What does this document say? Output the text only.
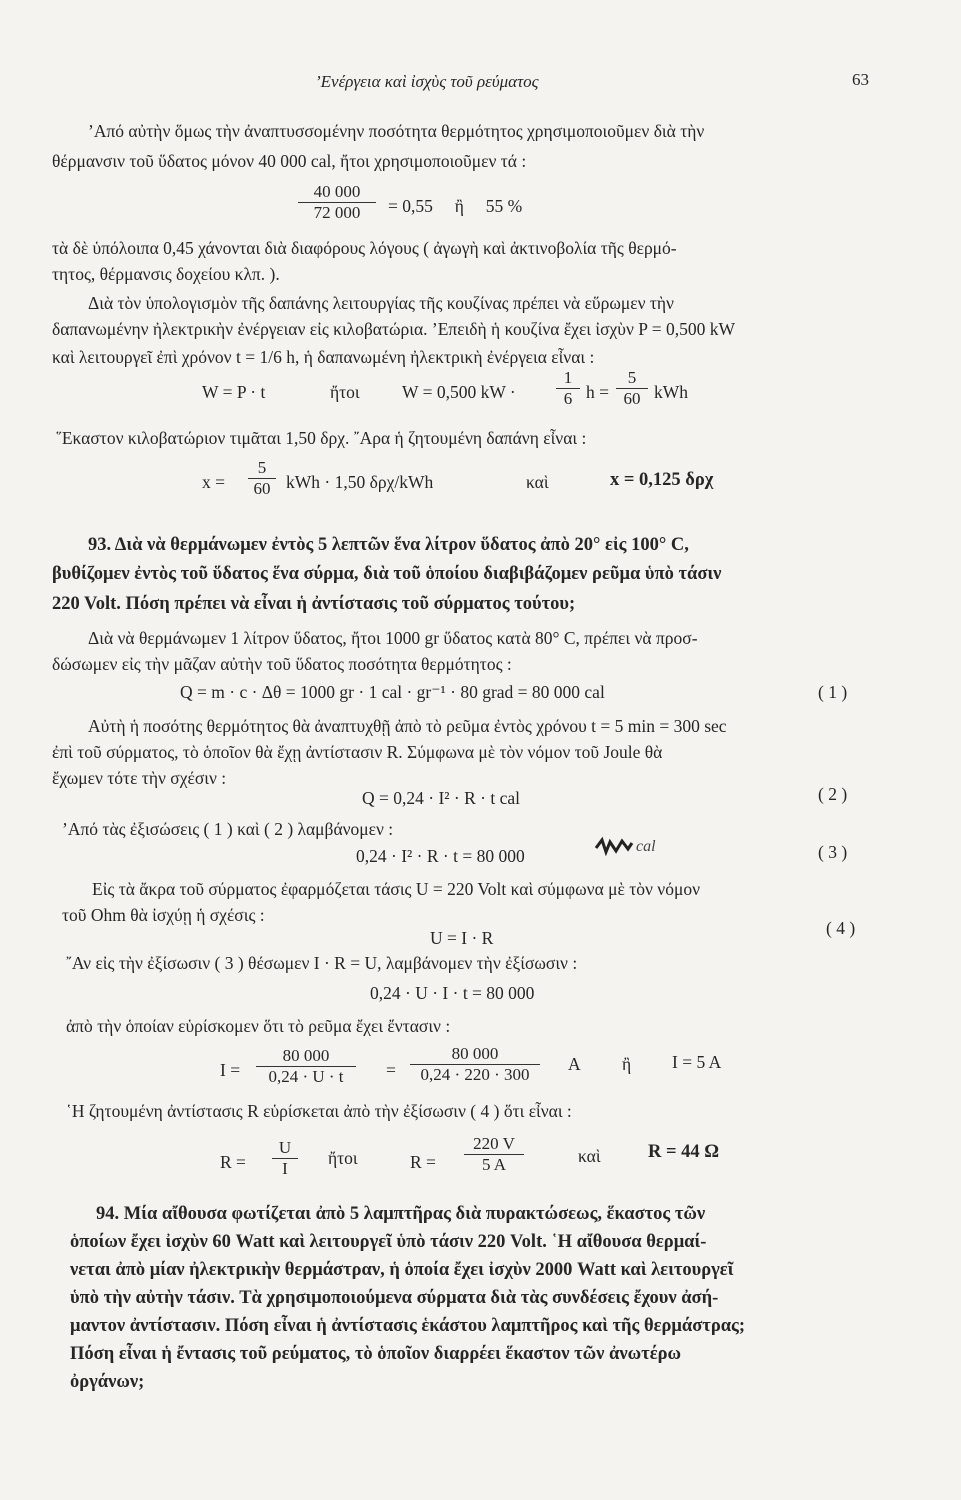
’Ενέργεια καὶ ἰσχὺς τοῦ ρεύματος	63
’Από αὐτὴν ὅμως τὴν ἀναπτυσσομένην ποσότητα θερμότητος χρησιμοποιοῦμεν διὰ τὴν
θέρμανσιν τοῦ ὕδατος μόνον 40 000 cal, ἤτοι χρησιμοποιοῦμεν τά :
$\frac{40 000}{72 000} = 0,55$     ἢ     55 %
τὰ δὲ ὑπόλοιπα 0,45 χάνονται διὰ διαφόρους λόγους ( ἀγωγὴ καὶ ἀκτινοβολία τῆς θερμό-
τητος, θέρμανσις δοχείου κλπ. ).
Διὰ τὸν ὑπολογισμὸν τῆς δαπάνης λειτουργίας τῆς κουζίνας πρέπει νὰ εὕρωμεν τὴν
δαπανωμένην ἠλεκτρικὴν ἐνέργειαν εἰς κιλοβατώρια. ’Επειδὴ ἡ κουζίνα ἔχει ἰσχὺν P = 0,500 kW
καὶ λειτουργεῖ ἐπὶ χρόνον t = 1/6 h, ἡ δαπανωμένη ἠλεκτρικὴ ἐνέργεια εἶναι :
W = P · t	ἤτοι W = 0,500 kW · $\frac{1}{6}$ $h = \frac{5}{60}$ kWh
῞Εκαστον κιλοβατώριον τιμᾶται 1,50 δρχ. ῎Αρα ἡ ζητουμένη δαπάνη εἶναι :
$x = \frac{5}{60}$ kWh · 1,50 δρχ/kWh	καὶ	x = 0,125 δρχ
93. Διὰ νὰ θερμάνωμεν ἐντὸς 5 λεπτῶν ἕνα λίτρον ὕδατος ἀπὸ 20° εἰς 100° C,
βυθίζομεν ἐντὸς τοῦ ὕδατος ἕνα σύρμα, διὰ τοῦ ὁποίου διαβιβάζομεν ρεῦμα ὑπὸ τάσιν
220 Volt. Πόση πρέπει νὰ εἶναι ἡ ἀντίστασις τοῦ σύρματος τούτου;
Διὰ νὰ θερμάνωμεν 1 λίτρον ὕδατος, ἤτοι 1000 gr ὕδατος κατὰ 80° C, πρέπει νὰ προσ-
δώσωμεν εἰς τὴν μᾶζαν αὐτὴν τοῦ ὕδατος ποσότητα θερμότητος :
Q = m · c · Δθ = 1000 gr · 1 cal · gr⁻¹ · 80 grad = 80 000 cal	( 1 )
Αὐτὴ ἡ ποσότης θερμότητος θὰ ἀναπτυχθῇ ἀπὸ τὸ ρεῦμα ἐντὸς χρόνου t = 5 min = 300 sec
ἐπὶ τοῦ σύρματος, τὸ ὁποῖον θὰ ἔχῃ ἀντίστασιν R. Σύμφωνα μὲ τὸν νόμον τοῦ Joule θὰ
ἔχωμεν τότε τὴν σχέσιν :
Q = 0,24 · I² · R · t cal	( 2 )
’Από τὰς ἐξισώσεις ( 1 ) καὶ ( 2 ) λαμβάνομεν :
0,24 · I² · R · t = 80 000	cal	( 3 )
Εἰς τὰ ἄκρα τοῦ σύρματος ἐφαρμόζεται τάσις U = 220 Volt καὶ σύμφωνα μὲ τὸν νόμον
τοῦ Ohm θὰ ἰσχύῃ ἡ σχέσις :
U = I · R	( 4 )
῎Αν εἰς τὴν ἐξίσωσιν ( 3 ) θέσωμεν I · R = U, λαμβάνομεν τὴν ἐξίσωσιν :
0,24 · U · I · t = 80 000
ἀπὸ τὴν ὁποίαν εὑρίσκομεν ὅτι τὸ ρεῦμα ἔχει ἔντασιν :
$I = \frac{80 000}{0,24 \cdot U \cdot t} = \frac{80 000}{0,24 \cdot 220 \cdot 300}$ A ἢ I = 5 A
῾Η ζητουμένη ἀντίστασις R εὑρίσκεται ἀπὸ τὴν ἐξίσωσιν ( 4 ) ὅτι εἶναι :
$R = \frac{U}{I}$ ἤτοι	$R = \frac{220 V}{5 A}$	καὶ	R = 44 Ω
94. Μία αἴθουσα φωτίζεται ἀπὸ 5 λαμπτῆρας διὰ πυρακτώσεως, ἕκαστος τῶν
ὁποίων ἔχει ἰσχὺν 60 Watt καὶ λειτουργεῖ ὑπὸ τάσιν 220 Volt. ῾Η αἴθουσα θερμαί-
νεται ἀπὸ μίαν ἠλεκτρικὴν θερμάστραν, ἡ ὁποία ἔχει ἰσχὺν 2000 Watt καὶ λειτουργεῖ
ὑπὸ τὴν αὐτὴν τάσιν. Τὰ χρησιμοποιούμενα σύρματα διὰ τὰς συνδέσεις ἔχουν ἀσή-
μαντον ἀντίστασιν. Πόση εἶναι ἡ ἀντίστασις ἑκάστου λαμπτῆρος καὶ τῆς θερμάστρας;
Πόση εἶναι ἡ ἔντασις τοῦ ρεύματος, τὸ ὁποῖον διαρρέει ἕκαστον τῶν ἀνωτέρω
ὀργάνων;
